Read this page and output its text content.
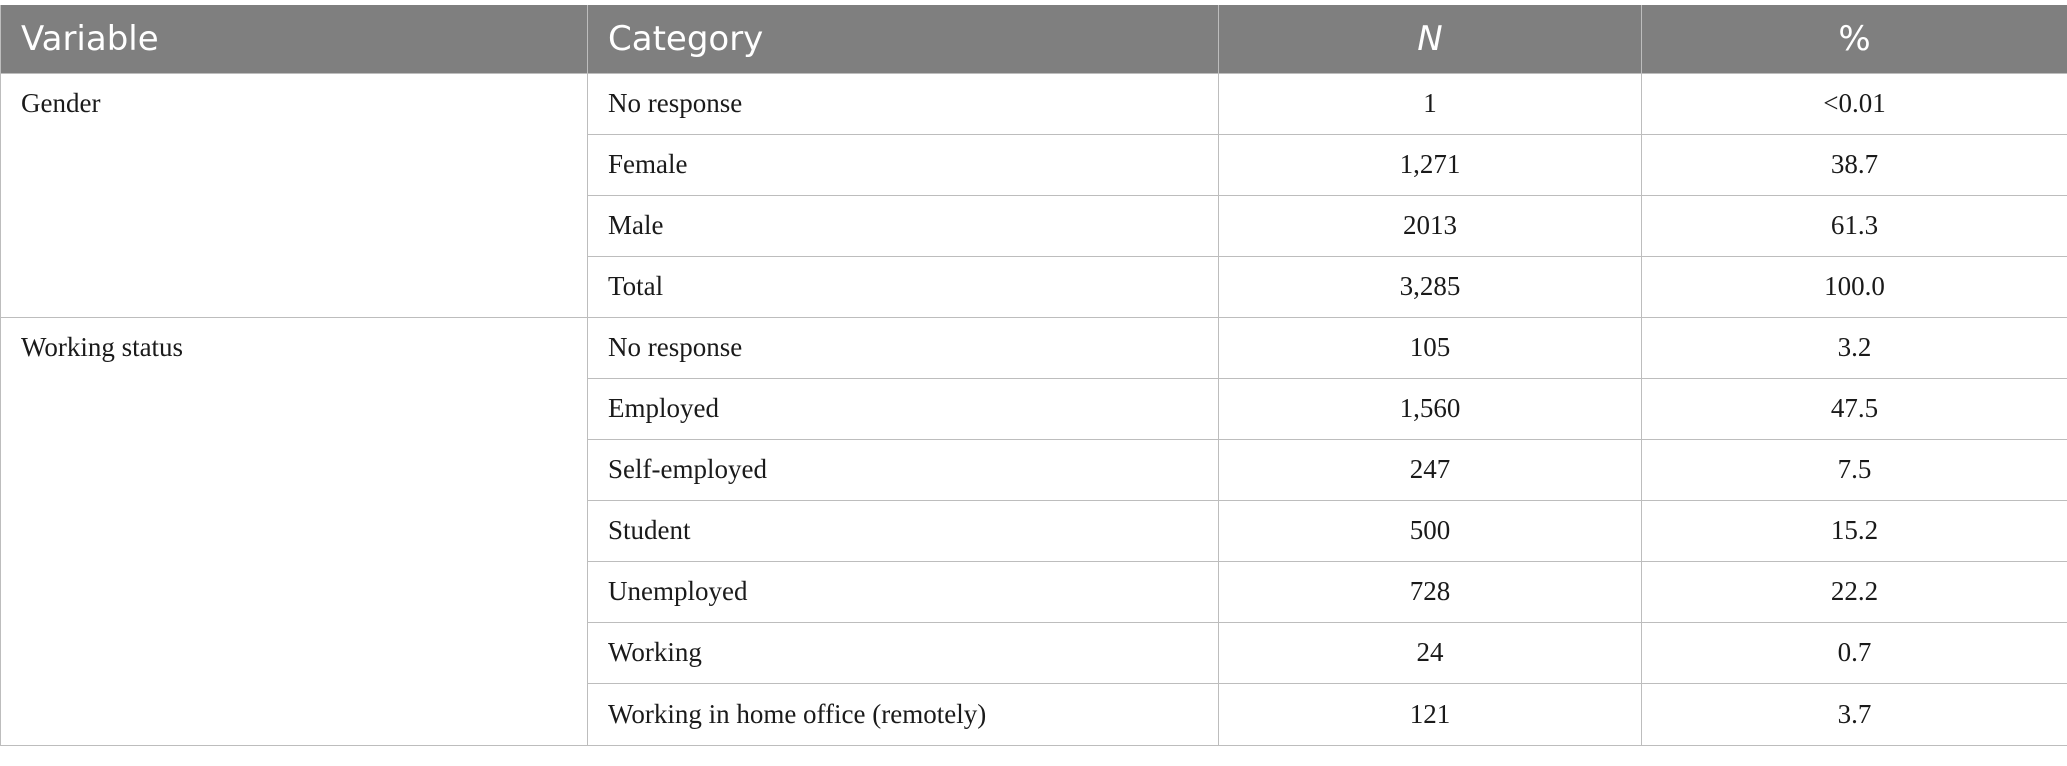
Variable	Category	N	%
Gender	No response	1	<0.01
	Female	1,271	38.7
	Male	2013	61.3
	Total	3,285	100.0
Working status	No response	105	3.2
	Employed	1,560	47.5
	Self-employed	247	7.5
	Student	500	15.2
	Unemployed	728	22.2
	Working	24	0.7
	Working in home office (remotely)	121	3.7
